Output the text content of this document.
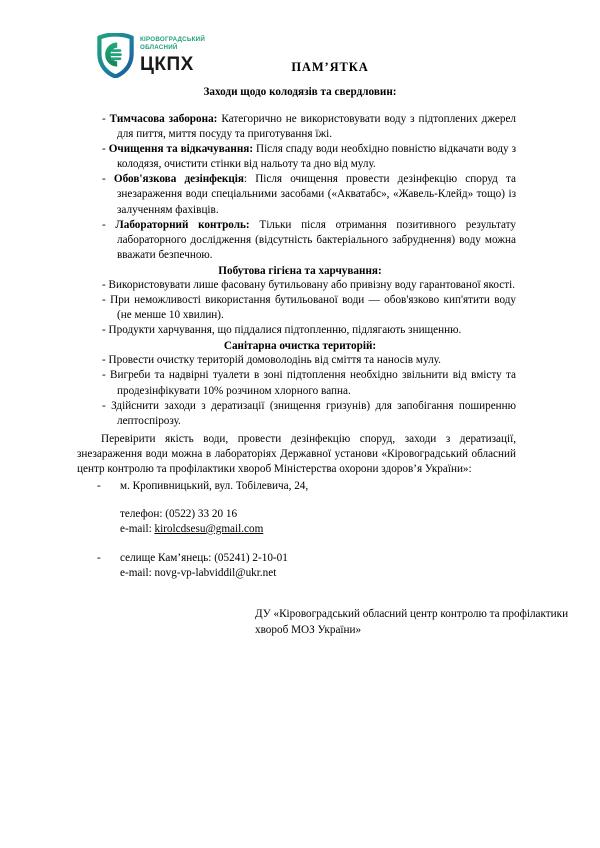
КІРОВОГРАДСЬКИЙ
ОБЛАСНИЙ
ЦКПХ	ПАМ’ЯТКА
Заходи щодо колодязів та свердловин:
- Тимчасова заборона: Категорично не використовувати воду з підтоплених джерел для пиття, миття посуду та приготування їжі.
- Очищення та відкачування: Після спаду води необхідно повністю відкачати воду з колодязя, очистити стінки від нальоту та дно від мулу.
- Обов'язкова дезінфекція: Після очищення провести дезінфекцію споруд та знезараження води спеціальними засобами («Акватабс», «Жавель-Клейд» тощо) із залученням фахівців.
- Лабораторний контроль: Тільки після отримання позитивного результату лабораторного дослідження (відсутність бактеріального забруднення) воду можна вважати безпечною.
Побутова гігієна та харчування:
- Використовувати лише фасовану бутильовану або привізну воду гарантованої якості.
- При неможливості використання бутильованої води — обов'язково кип'ятити воду (не менше 10 хвилин).
- Продукти харчування, що піддалися підтопленню, підлягають знищенню.
Санітарна очистка територій:
- Провести очистку територій домоволодінь від сміття та наносів мулу.
- Вигреби та надвірні туалети в зоні підтоплення необхідно звільнити від вмісту та продезінфікувати 10% розчином хлорного вапна.
- Здійснити заходи з дератизації (знищення гризунів) для запобігання поширенню лептоспірозу.
Перевірити якість води, провести дезінфекцію споруд, заходи з дератизації, знезараження води можна в лабораторіях Державної установи «Кіровоградський обласний центр контролю та профілактики хвороб Міністерства охорони здоров’я України»:
- м. Кропивницький, вул. Тобілевича, 24,
телефон: (0522) 33 20 16
e-mail: kirolcdsesu@gmail.com
- селище Кам’янець: (05241) 2-10-01
e-mail: novg-vp-labviddil@ukr.net
ДУ «Кіровоградський обласний центр контролю та профілактики хвороб МОЗ України»
